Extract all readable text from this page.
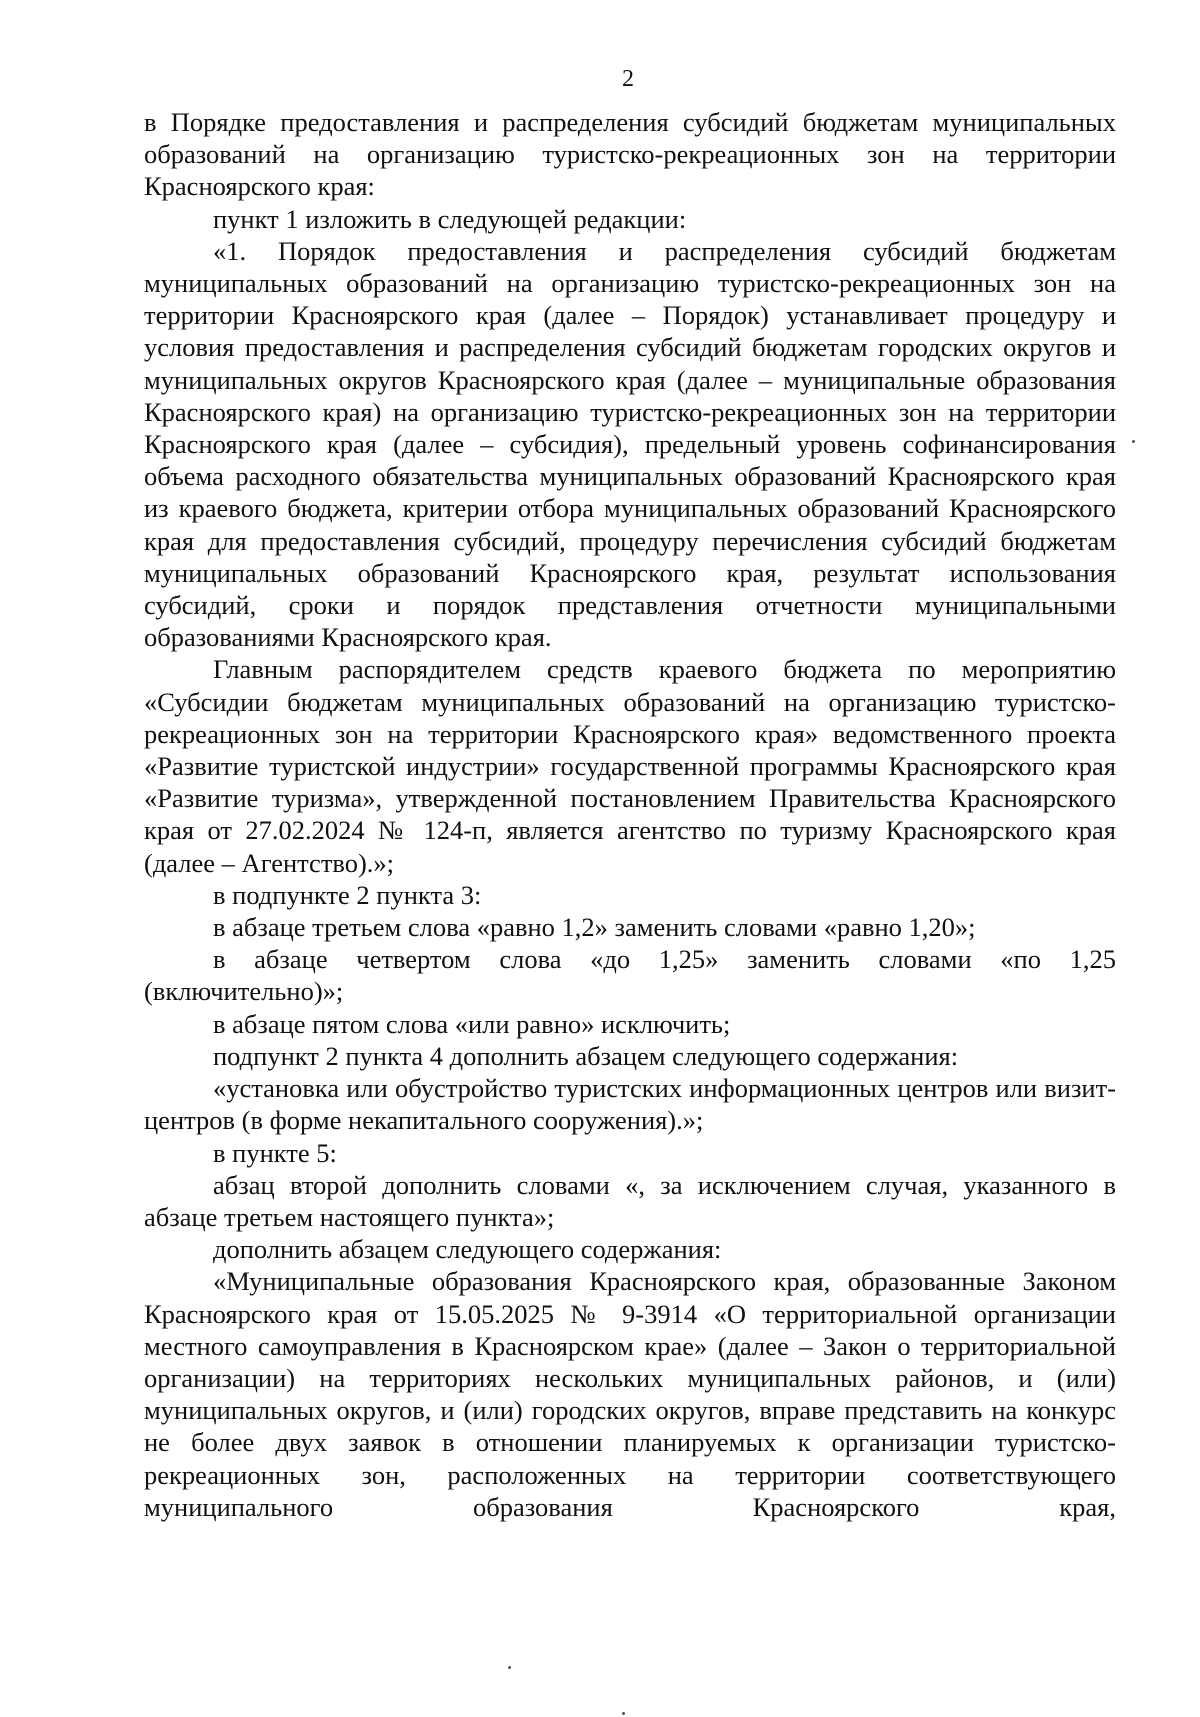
2

в Порядке предоставления и распределения субсидий бюджетам муниципальных образований на организацию туристско-рекреационных зон на территории Красноярского края:

пункт 1 изложить в следующей редакции:

«1. Порядок предоставления и распределения субсидий бюджетам муниципальных образований на организацию туристско-рекреационных зон на территории Красноярского края (далее – Порядок) устанавливает процедуру и условия предоставления и распределения субсидий бюджетам городских округов и муниципальных округов Красноярского края (далее – муниципальные образования Красноярского края) на организацию туристско-рекреационных зон на территории Красноярского края (далее – субсидия), предельный уровень софинансирования объема расходного обязательства муниципальных образований Красноярского края из краевого бюджета, критерии отбора муниципальных образований Красноярского края для предоставления субсидий, процедуру перечисления субсидий бюджетам муниципальных образований Красноярского края, результат использования субсидий, сроки и порядок представления отчетности муниципальными образованиями Красноярского края.

Главным распорядителем средств краевого бюджета по мероприятию «Субсидии бюджетам муниципальных образований на организацию туристско-рекреационных зон на территории Красноярского края» ведомственного проекта «Развитие туристской индустрии» государственной программы Красноярского края «Развитие туризма», утвержденной постановлением Правительства Красноярского края от 27.02.2024 № 124-п, является агентство по туризму Красноярского края (далее – Агентство).»;

в подпункте 2 пункта 3:

в абзаце третьем слова «равно 1,2» заменить словами «равно 1,20»;

в абзаце четвертом слова «до 1,25» заменить словами «по 1,25 (включительно)»;

в абзаце пятом слова «или равно» исключить;

подпункт 2 пункта 4 дополнить абзацем следующего содержания:

«установка или обустройство туристских информационных центров или визит-центров (в форме некапитального сооружения).»;

в пункте 5:

абзац второй дополнить словами «, за исключением случая, указанного в абзаце третьем настоящего пункта»;

дополнить абзацем следующего содержания:

«Муниципальные образования Красноярского края, образованные Законом Красноярского края от 15.05.2025 № 9-3914 «О территориальной организации местного самоуправления в Красноярском крае» (далее – Закон о территориальной организации) на территориях нескольких муниципальных районов, и (или) муниципальных округов, и (или) городских округов, вправе представить на конкурс не более двух заявок в отношении планируемых к организации туристско-рекреационных зон, расположенных на территории соответствующего муниципального образования Красноярского края,
